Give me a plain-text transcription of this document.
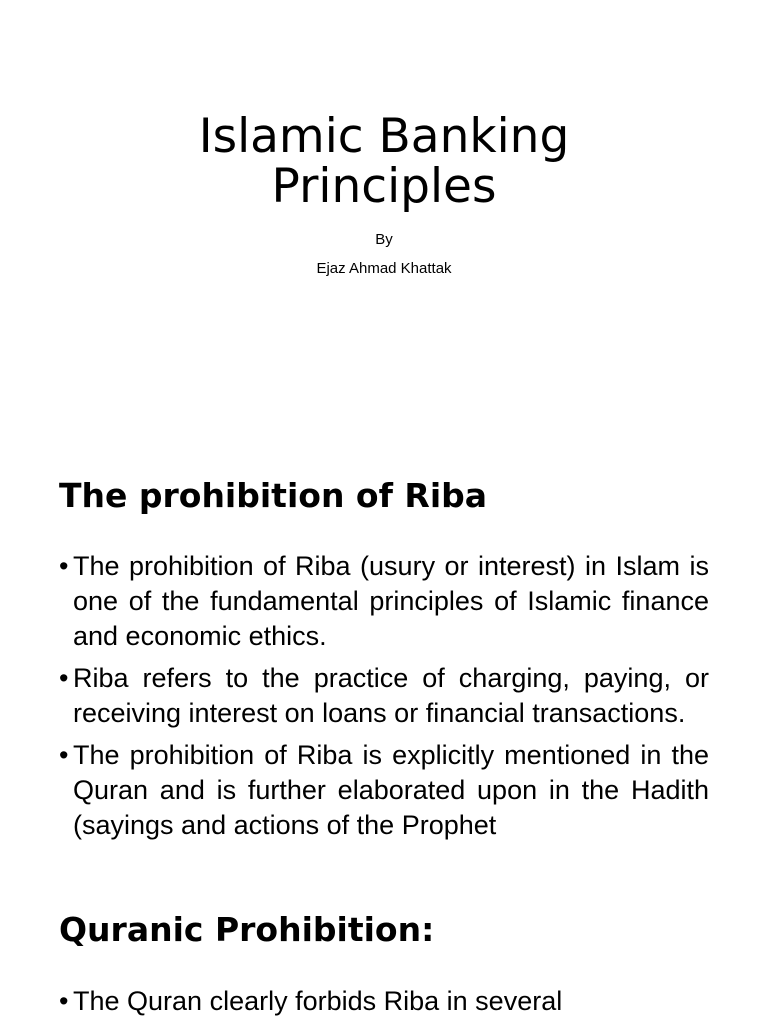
Islamic Banking
Principles

By

Ejaz Ahmad Khattak

The prohibition of Riba
• The prohibition of Riba (usury or interest) in Islam is one of the fundamental principles of Islamic finance and economic ethics.
• Riba refers to the practice of charging, paying, or receiving interest on loans or financial transactions.
• The prohibition of Riba is explicitly mentioned in the Quran and is further elaborated upon in the Hadith (sayings and actions of the Prophet
Quranic Prohibition:
• The Quran clearly forbids Riba in several
